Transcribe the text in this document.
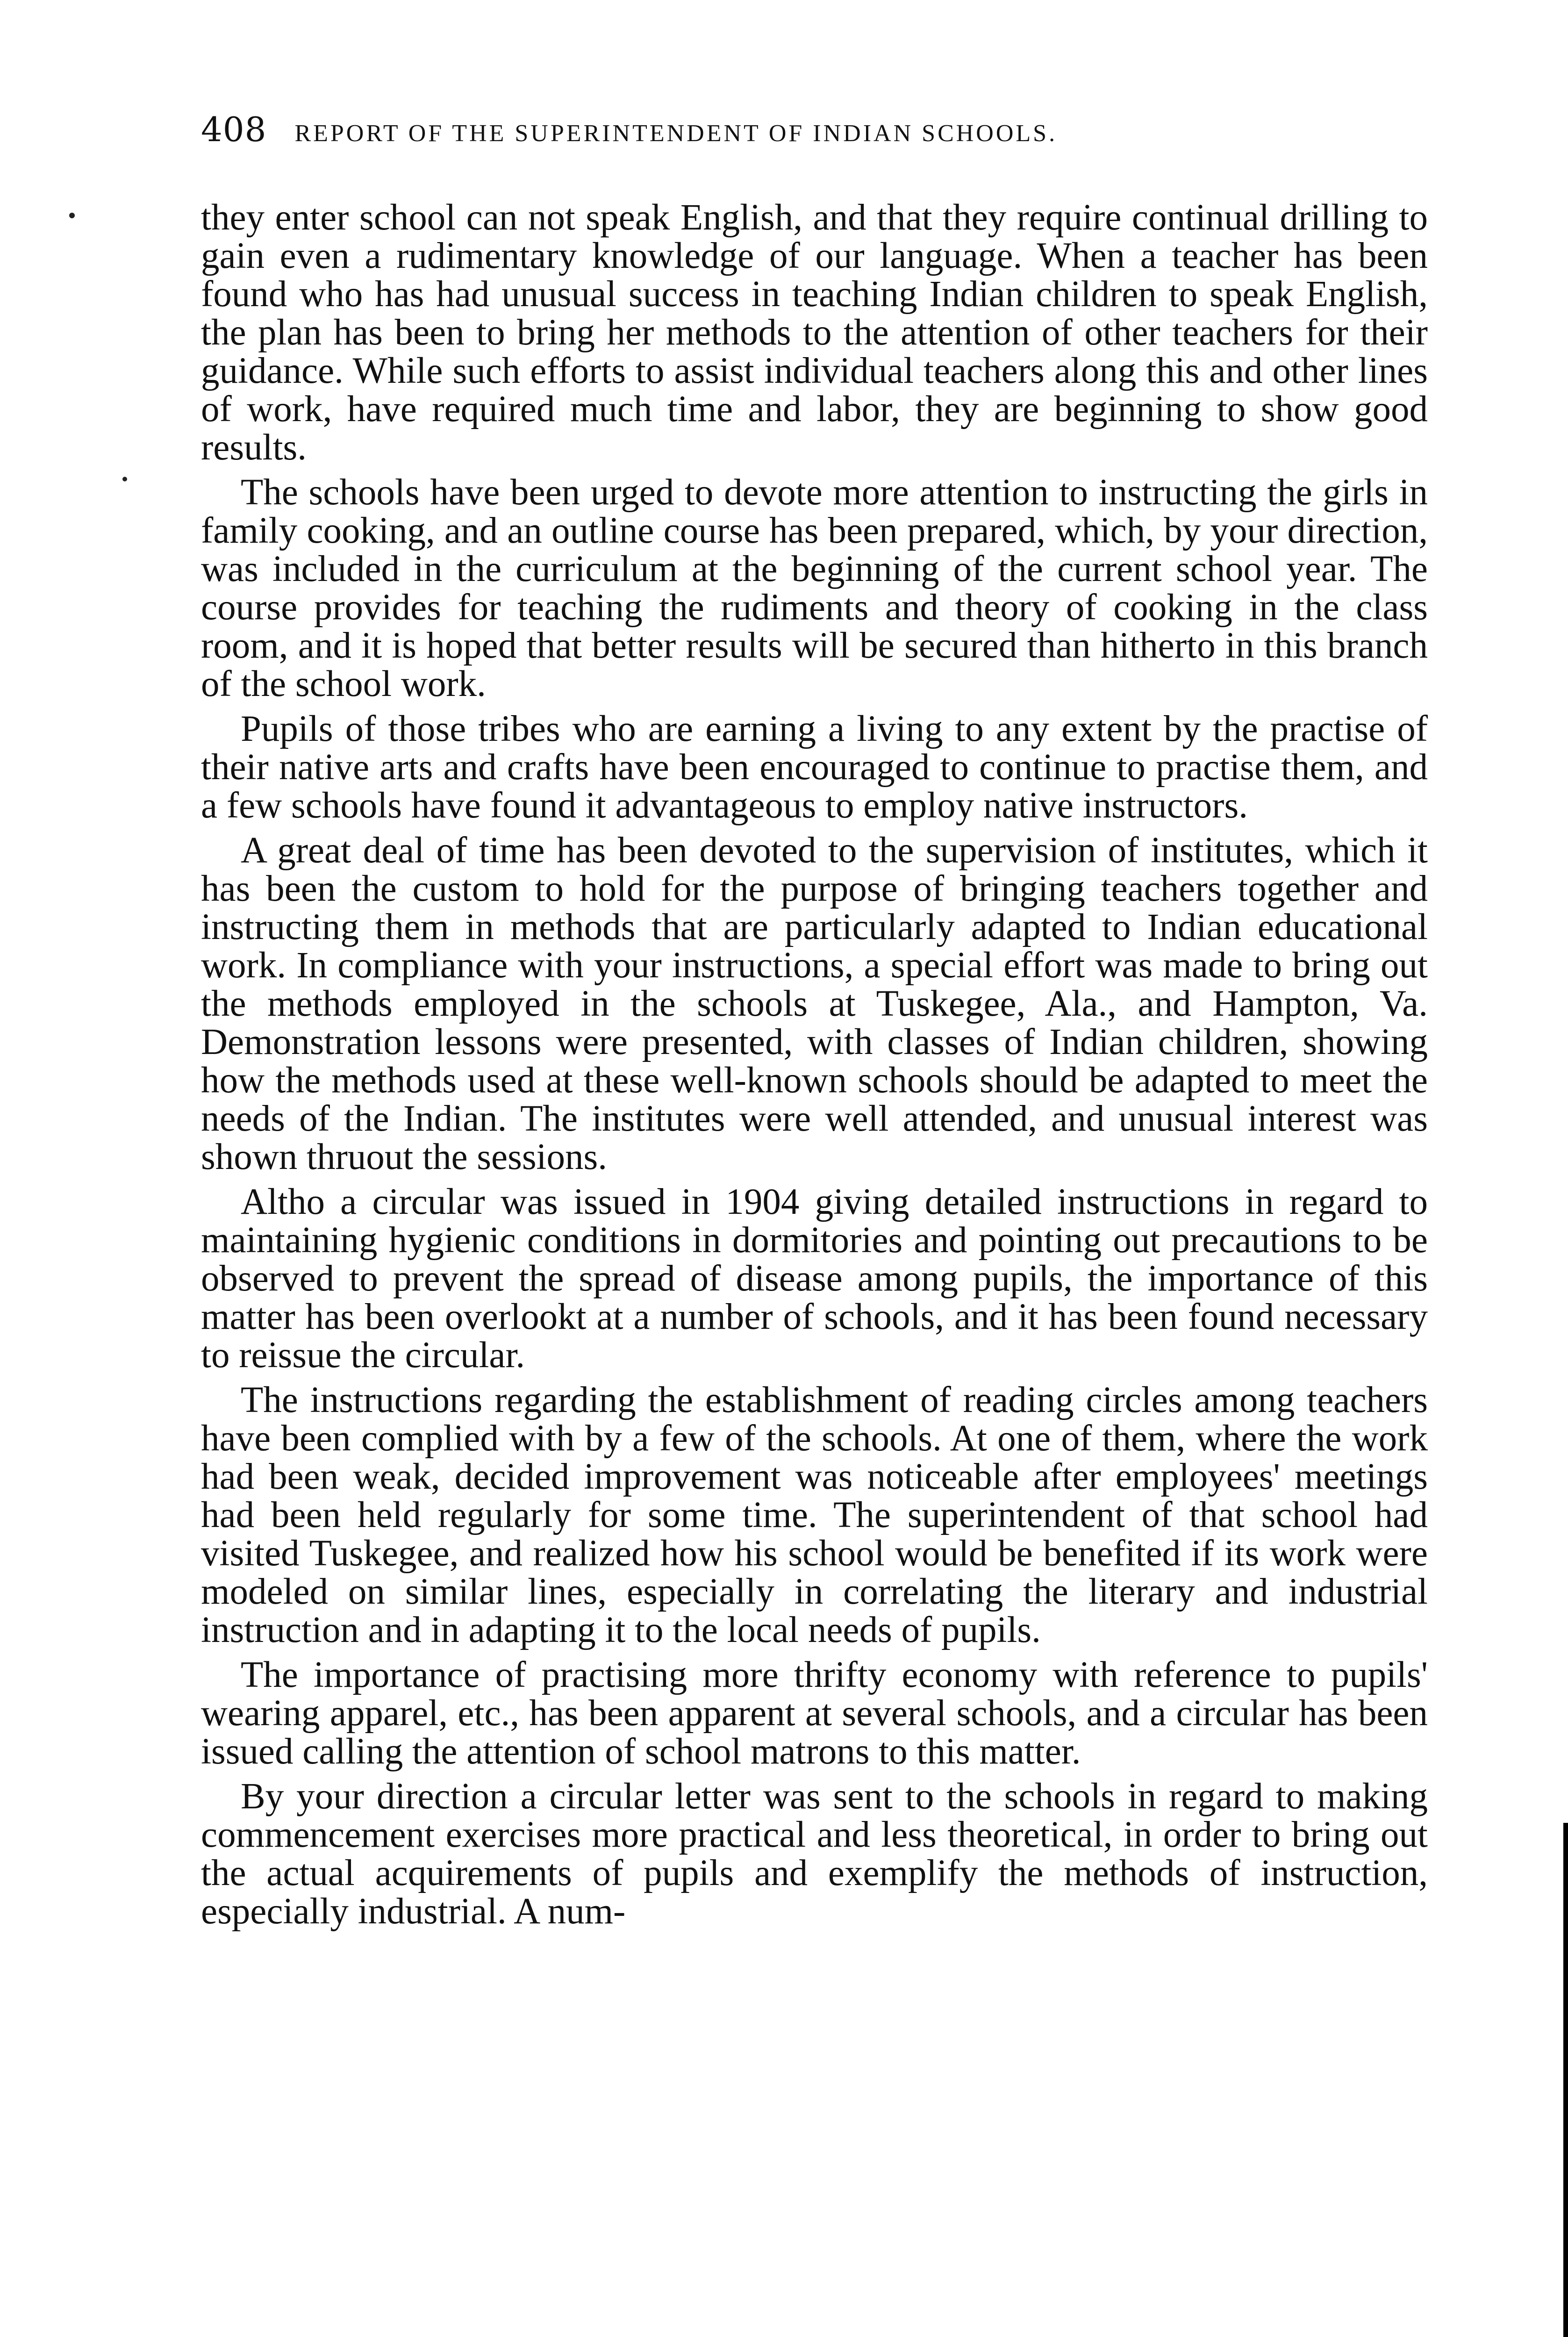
408 REPORT OF THE SUPERINTENDENT OF INDIAN SCHOOLS.

they enter school can not speak English, and that they require continual drilling to gain even a rudimentary knowledge of our language. When a teacher has been found who has had unusual success in teaching Indian children to speak English, the plan has been to bring her methods to the attention of other teachers for their guidance. While such efforts to assist individual teachers along this and other lines of work, have required much time and labor, they are beginning to show good results.

The schools have been urged to devote more attention to instructing the girls in family cooking, and an outline course has been prepared, which, by your direction, was included in the curriculum at the beginning of the current school year. The course provides for teaching the rudiments and theory of cooking in the class room, and it is hoped that better results will be secured than hitherto in this branch of the school work.

Pupils of those tribes who are earning a living to any extent by the practise of their native arts and crafts have been encouraged to continue to practise them, and a few schools have found it advantageous to employ native instructors.

A great deal of time has been devoted to the supervision of institutes, which it has been the custom to hold for the purpose of bringing teachers together and instructing them in methods that are particularly adapted to Indian educational work. In compliance with your instructions, a special effort was made to bring out the methods employed in the schools at Tuskegee, Ala., and Hampton, Va. Demonstration lessons were presented, with classes of Indian children, showing how the methods used at these well-known schools should be adapted to meet the needs of the Indian. The institutes were well attended, and unusual interest was shown thruout the sessions.

Altho a circular was issued in 1904 giving detailed instructions in regard to maintaining hygienic conditions in dormitories and pointing out precautions to be observed to prevent the spread of disease among pupils, the importance of this matter has been overlookt at a number of schools, and it has been found necessary to reissue the circular.

The instructions regarding the establishment of reading circles among teachers have been complied with by a few of the schools. At one of them, where the work had been weak, decided improvement was noticeable after employees' meetings had been held regularly for some time. The superintendent of that school had visited Tuskegee, and realized how his school would be benefited if its work were modeled on similar lines, especially in correlating the literary and industrial instruction and in adapting it to the local needs of pupils.

The importance of practising more thrifty economy with reference to pupils' wearing apparel, etc., has been apparent at several schools, and a circular has been issued calling the attention of school matrons to this matter.

By your direction a circular letter was sent to the schools in regard to making commencement exercises more practical and less theoretical, in order to bring out the actual acquirements of pupils and exemplify the methods of instruction, especially industrial. A num-
